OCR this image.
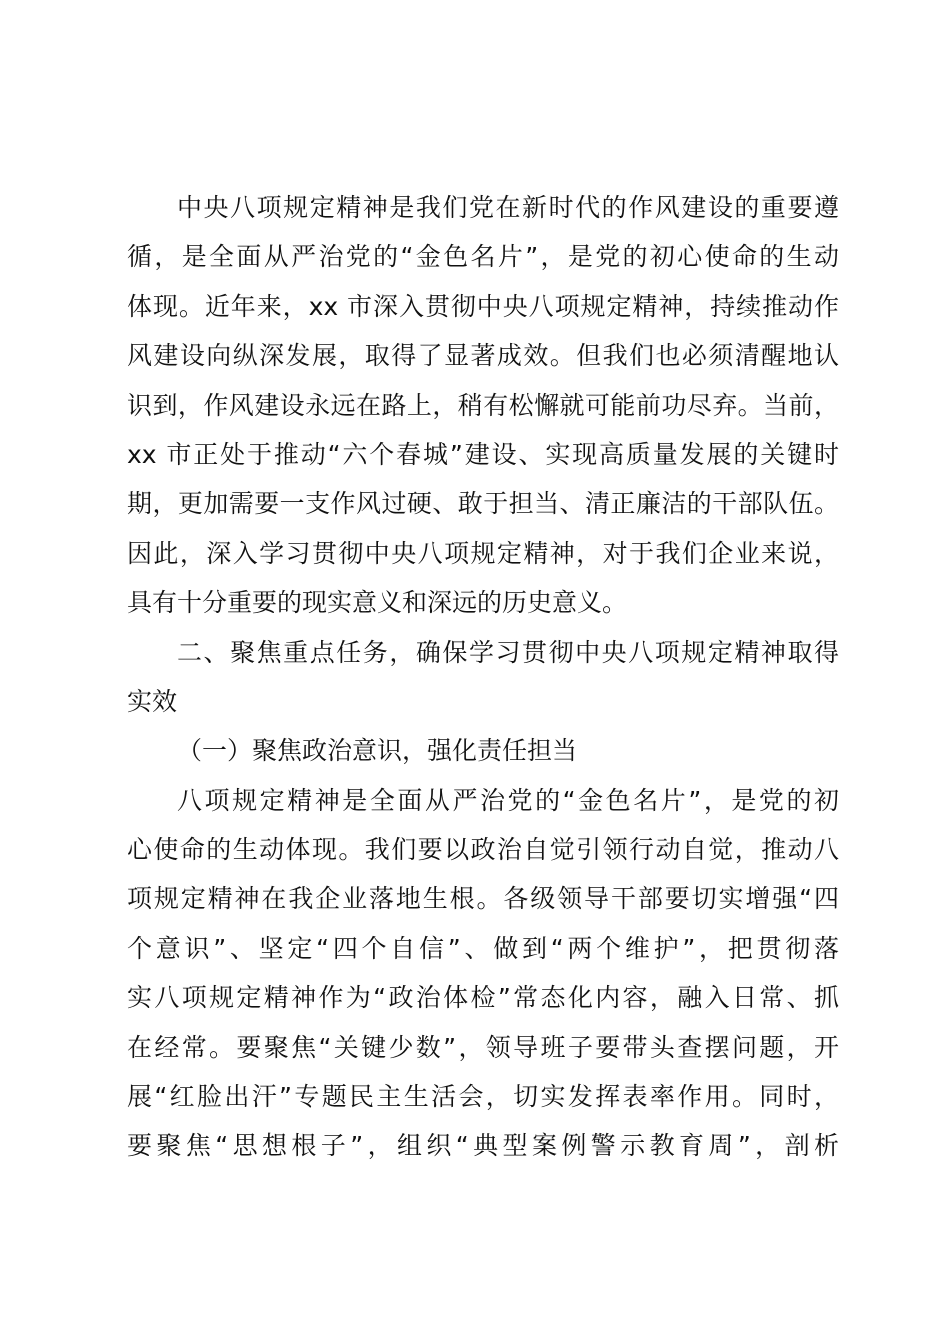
中央八项规定精神是我们党在新时代的作风建设的重要遵
循，是全面从严治党的“金色名片”，是党的初心使命的生动
体现。近年来，xx 市深入贯彻中央八项规定精神，持续推动作
风建设向纵深发展，取得了显著成效。但我们也必须清醒地认
识到，作风建设永远在路上，稍有松懈就可能前功尽弃。当前，
xx 市正处于推动“六个春城”建设、实现高质量发展的关键时
期，更加需要一支作风过硬、敢于担当、清正廉洁的干部队伍。
因此，深入学习贯彻中央八项规定精神，对于我们企业来说，
具有十分重要的现实意义和深远的历史意义。
二、聚焦重点任务，确保学习贯彻中央八项规定精神取得
实效
（一）聚焦政治意识，强化责任担当
八项规定精神是全面从严治党的“金色名片”，是党的初
心使命的生动体现。我们要以政治自觉引领行动自觉，推动八
项规定精神在我企业落地生根。各级领导干部要切实增强“四
个意识”、坚定“四个自信”、做到“两个维护”，把贯彻落
实八项规定精神作为“政治体检”常态化内容，融入日常、抓
在经常。要聚焦“关键少数”，领导班子要带头查摆问题，开
展“红脸出汗”专题民主生活会，切实发挥表率作用。同时，
要聚焦“思想根子”，组织“典型案例警示教育周”，剖析
